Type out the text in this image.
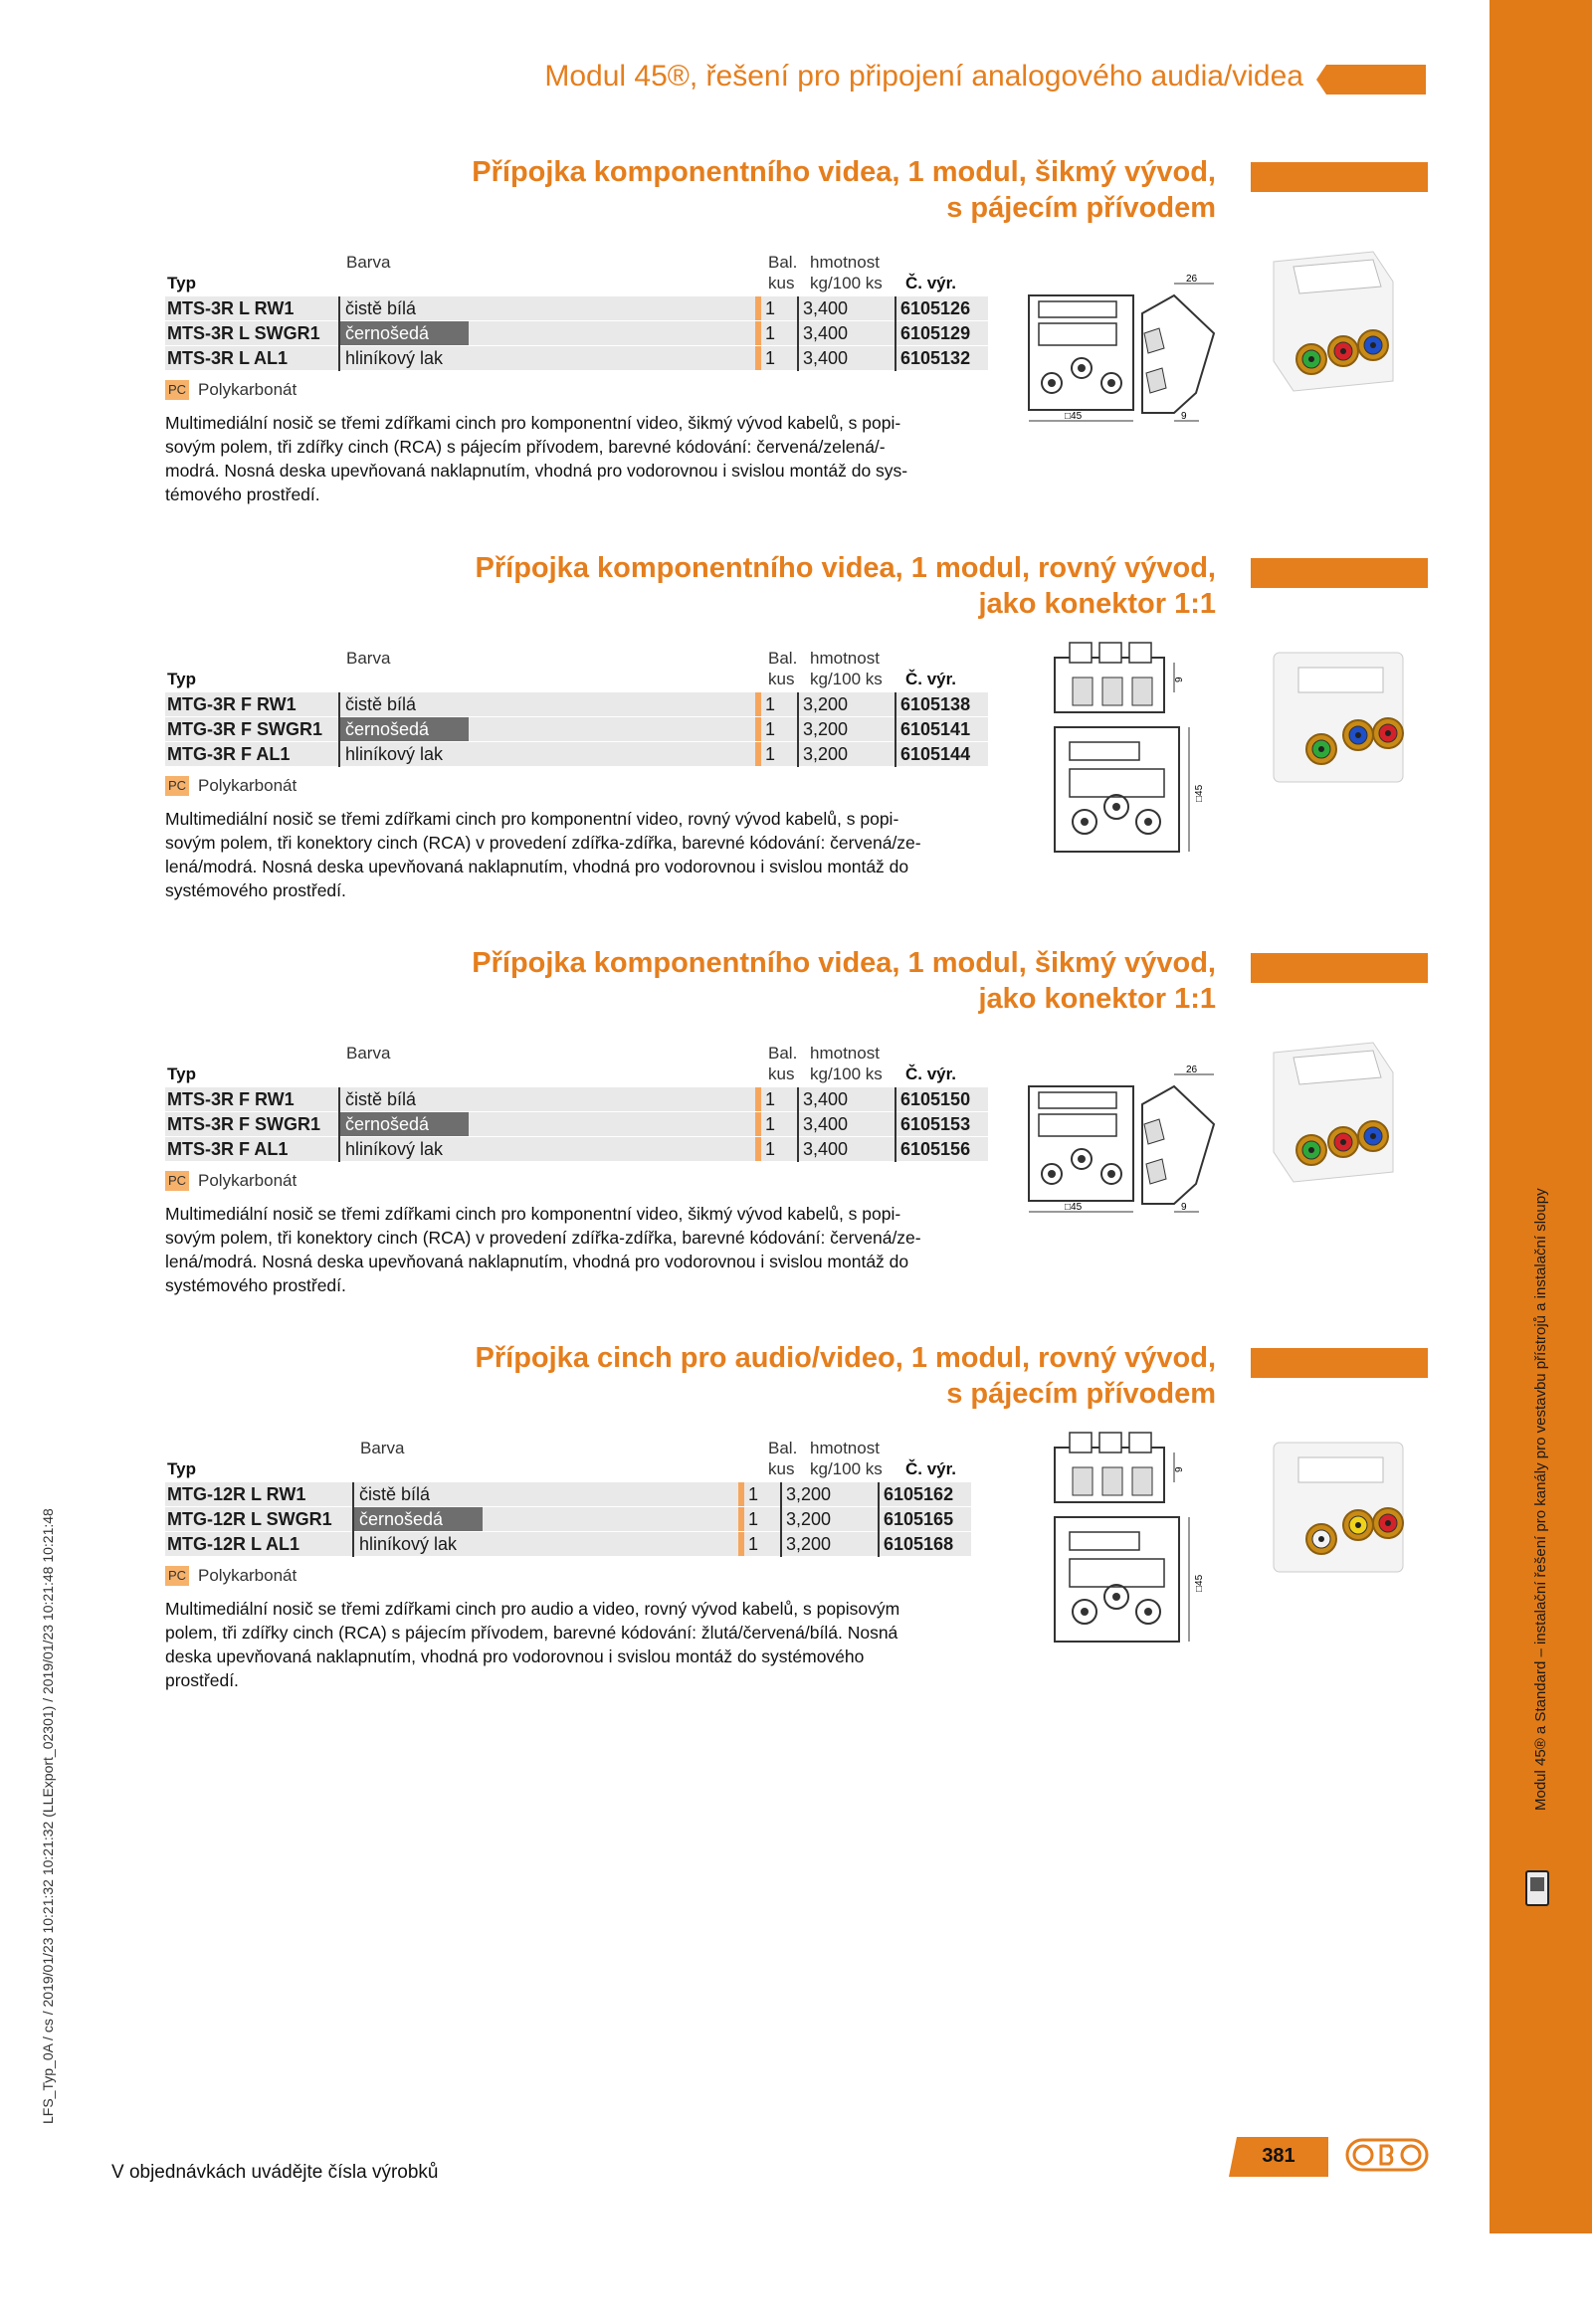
Modul 45® a Standard – instalační řešení pro kanály pro vestavbu přístrojů a instalační sloupy
LFS_Typ_0A / cs / 2019/01/23 10:21:32 10:21:32 (LLExport_02301) / 2019/01/23 10:21:48 10:21:48
Modul 45®, řešení pro připojení analogového audia/videa
Přípojka komponentního videa, 1 modul, šikmý vývod,
s pájecím přívodem
Barva
Typ
Bal.
kus
hmotnost
kg/100 ks Č. výr.
MTS-3R L RW1	čistě bílá			1	3,400	6105126
MTS-3R L SWGR1	černošedá			1	3,400	6105129
MTS-3R L AL1	hliníkový lak			1	3,400	6105132
PC Polykarbonát
Multimediální nosič se třemi zdířkami cinch pro komponentní video, šikmý vývod kabelů, s popi-
sovým polem, tři zdířky cinch (RCA) s pájecím přívodem, barevné kódování: červená/zelená/-
modrá. Nosná deska upevňovaná naklapnutím, vhodná pro vodorovnou i svislou montáž do sys-
témového prostředí.
26
□45	9
Přípojka komponentního videa, 1 modul, rovný vývod,
jako konektor 1:1
Barva
Typ
Bal.
kus
hmotnost
kg/100 ks Č. výr.
MTG-3R F RW1	čistě bílá			1	3,200	6105138
MTG-3R F SWGR1	černošedá			1	3,200	6105141
MTG-3R F AL1	hliníkový lak			1	3,200	6105144
PC Polykarbonát
Multimediální nosič se třemi zdířkami cinch pro komponentní video, rovný vývod kabelů, s popi-
sovým polem, tři konektory cinch (RCA) v provedení zdířka-zdířka, barevné kódování: červená/ze-
lená/modrá. Nosná deska upevňovaná naklapnutím, vhodná pro vodorovnou i svislou montáž do
systémového prostředí.
9
□45
Přípojka komponentního videa, 1 modul, šikmý vývod,
jako konektor 1:1
Barva
Typ
Bal.
kus
hmotnost
kg/100 ks Č. výr.
MTS-3R F RW1	čistě bílá			1	3,400	6105150
MTS-3R F SWGR1	černošedá			1	3,400	6105153
MTS-3R F AL1	hliníkový lak			1	3,400	6105156
PC Polykarbonát
Multimediální nosič se třemi zdířkami cinch pro komponentní video, šikmý vývod kabelů, s popi-
sovým polem, tři konektory cinch (RCA) v provedení zdířka-zdířka, barevné kódování: červená/ze-
lená/modrá. Nosná deska upevňovaná naklapnutím, vhodná pro vodorovnou i svislou montáž do
systémového prostředí.
26
□45	9
Přípojka cinch pro audio/video, 1 modul, rovný vývod,
s pájecím přívodem
Barva
Typ
Bal.
kus
hmotnost
kg/100 ks Č. výr.
MTG-12R L RW1	čistě bílá			1	3,200	6105162
MTG-12R L SWGR1	černošedá			1	3,200	6105165
MTG-12R L AL1	hliníkový lak			1	3,200	6105168
PC Polykarbonát
Multimediální nosič se třemi zdířkami cinch pro audio a video, rovný vývod kabelů, s popisovým
polem, tři zdířky cinch (RCA) s pájecím přívodem, barevné kódování: žlutá/červená/bílá. Nosná
deska upevňovaná naklapnutím, vhodná pro vodorovnou i svislou montáž do systémového
prostředí.
9
□45
V objednávkách uvádějte čísla výrobků
381
